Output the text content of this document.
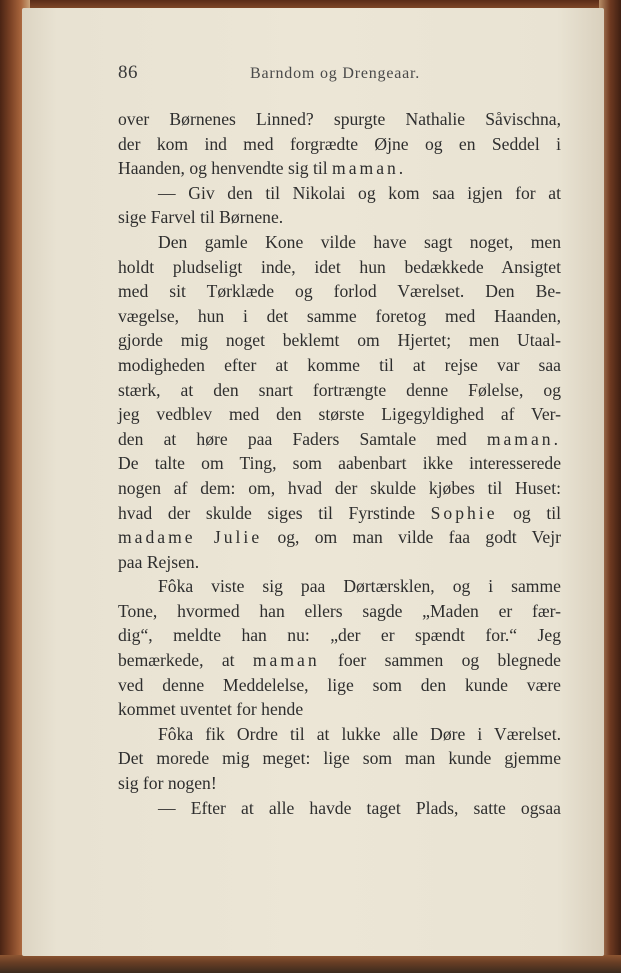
86	Barndom og Drengeaar.
over Børnenes Linned? spurgte Nathalie Såvischna,
der kom ind med forgrædte Øjne og en Seddel i
Haanden, og henvendte sig til maman.
— Giv den til Nikolai og kom saa igjen for at
sige Farvel til Børnene.
Den gamle Kone vilde have sagt noget, men
holdt pludseligt inde, idet hun bedækkede Ansigtet
med sit Tørklæde og forlod Værelset. Den Be-
vægelse, hun i det samme foretog med Haanden,
gjorde mig noget beklemt om Hjertet; men Utaal-
modigheden efter at komme til at rejse var saa
stærk, at den snart fortrængte denne Følelse, og
jeg vedblev med den største Ligegyldighed af Ver-
den at høre paa Faders Samtale med maman.
De talte om Ting, som aabenbart ikke interesserede
nogen af dem: om, hvad der skulde kjøbes til Huset:
hvad der skulde siges til Fyrstinde Sophie og til
madame Julie og, om man vilde faa godt Vejr
paa Rejsen.
Fôka viste sig paa Dørtærsklen, og i samme
Tone, hvormed han ellers sagde „Maden er fær-
dig“, meldte han nu: „der er spændt for.“ Jeg
bemærkede, at maman foer sammen og blegnede
ved denne Meddelelse, lige som den kunde være
kommet uventet for hende
Fôka fik Ordre til at lukke alle Døre i Værelset.
Det morede mig meget: lige som man kunde gjemme
sig for nogen!
— Efter at alle havde taget Plads, satte ogsaa
